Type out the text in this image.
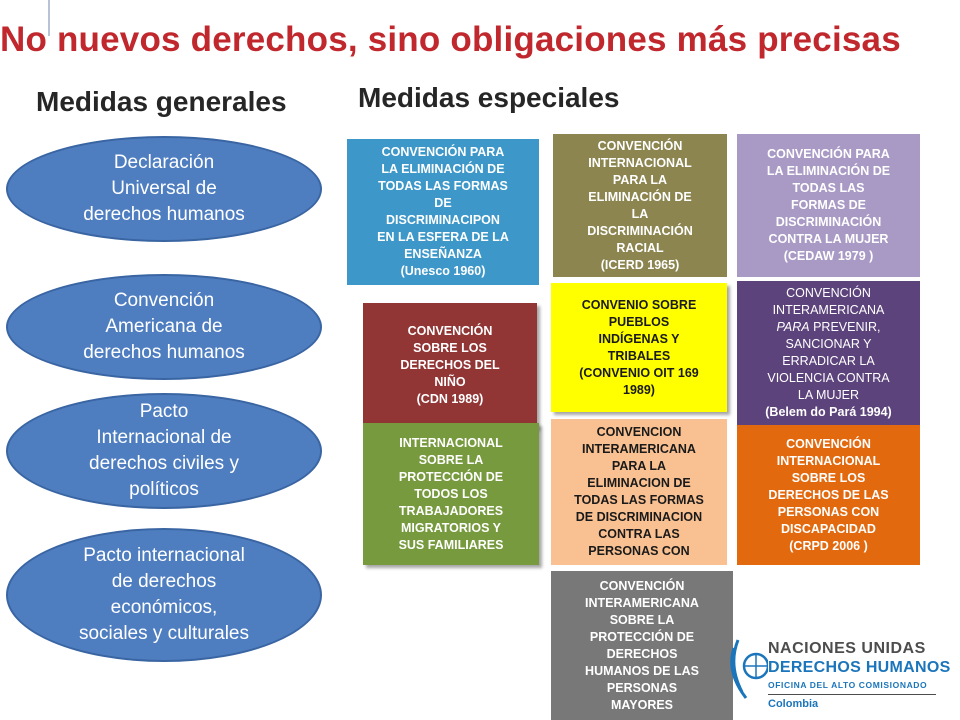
No nuevos derechos, sino obligaciones más precisas
Medidas generales	Medidas especiales
Declaración
Universal de
derechos humanos
Convención
Americana de
derechos humanos
Pacto
Internacional de
derechos civiles y
políticos
Pacto internacional
de derechos
económicos,
sociales y culturales
CONVENCIÓN PARA
LA ELIMINACIÓN DE
TODAS LAS FORMAS
DE
DISCRIMINACIPON
EN LA ESFERA DE LA
ENSEÑANZA
(Unesco 1960)
CONVENCIÓN
INTERNACIONAL
PARA LA
ELIMINACIÓN DE
LA
DISCRIMINACIÓN
RACIAL
(ICERD 1965)
CONVENCIÓN PARA
LA ELIMINACIÓN DE
TODAS LAS
FORMAS DE
DISCRIMINACIÓN
CONTRA LA MUJER
(CEDAW 1979 )
CONVENCIÓN
SOBRE LOS
DERECHOS DEL
NIÑO
(CDN 1989)
CONVENIO SOBRE
PUEBLOS
INDÍGENAS Y
TRIBALES
(CONVENIO OIT 169
1989)
CONVENCIÓN
INTERAMERICANA
PARA PREVENIR,
SANCIONAR Y
ERRADICAR LA
VIOLENCIA CONTRA
LA MUJER
(Belem do Pará 1994)
INTERNACIONAL
SOBRE LA
PROTECCIÓN DE
TODOS LOS
TRABAJADORES
MIGRATORIOS Y
SUS FAMILIARES
CONVENCION
INTERAMERICANA
PARA LA
ELIMINACION DE
TODAS LAS FORMAS
DE DISCRIMINACION
CONTRA LAS
PERSONAS CON
CONVENCIÓN
INTERNACIONAL
SOBRE LOS
DERECHOS DE LAS
PERSONAS CON
DISCAPACIDAD
(CRPD 2006 )
CONVENCIÓN
INTERAMERICANA
SOBRE LA
PROTECCIÓN DE
DERECHOS
HUMANOS DE LAS
PERSONAS
MAYORES
NACIONES UNIDAS
DERECHOS HUMANOS
OFICINA DEL ALTO COMISIONADO
Colombia
